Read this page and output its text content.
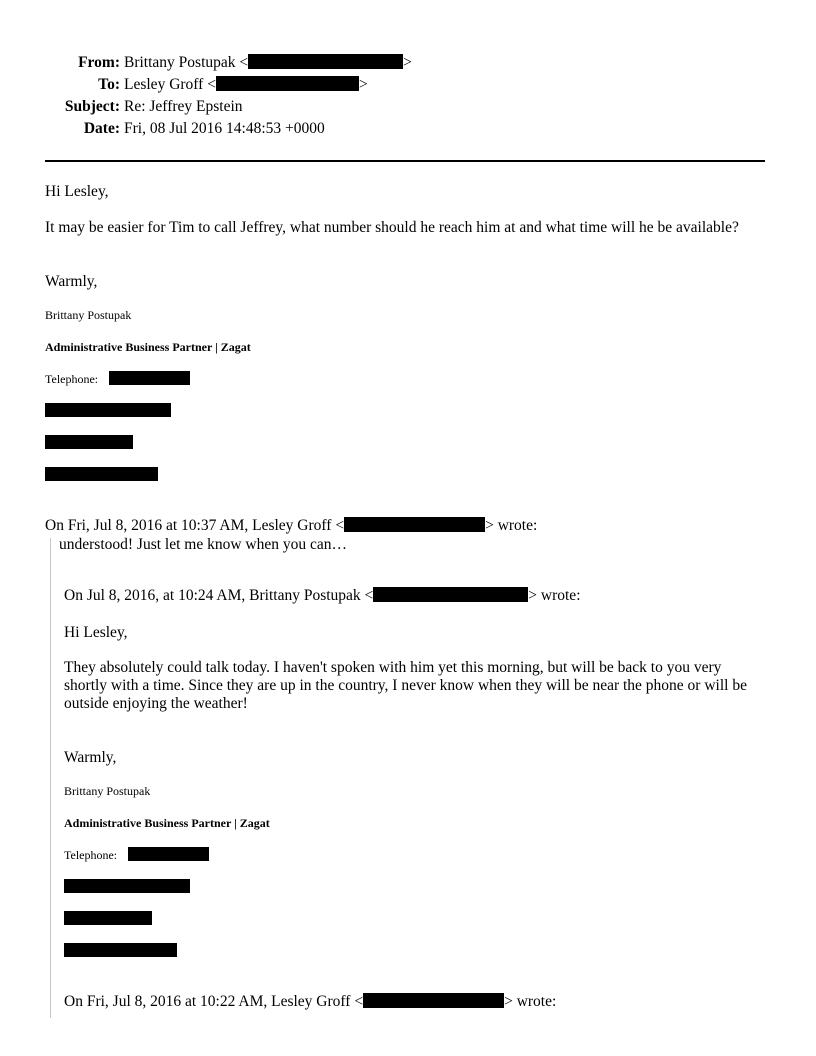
From: Brittany Postupak <	>
To: Lesley Groff <	>
Subject: Re: Jeffrey Epstein
Date: Fri, 08 Jul 2016 14:48:53 +0000
Hi Lesley,
It may be easier for Tim to call Jeffrey, what number should he reach him at and what time will he be available?
Warmly,
Brittany Postupak
Administrative Business Partner | Zagat
Telephone:
On Fri, Jul 8, 2016 at 10:37 AM, Lesley Groff <	> wrote:
understood! Just let me know when you can…
On Jul 8, 2016, at 10:24 AM, Brittany Postupak <	> wrote:
Hi Lesley,
They absolutely could talk today. I haven't spoken with him yet this morning, but will be back to you very shortly with a time. Since they are up in the country, I never know when they will be near the phone or will be outside enjoying the weather!
Warmly,
Brittany Postupak
Administrative Business Partner | Zagat
Telephone:
On Fri, Jul 8, 2016 at 10:22 AM, Lesley Groff <	> wrote:
